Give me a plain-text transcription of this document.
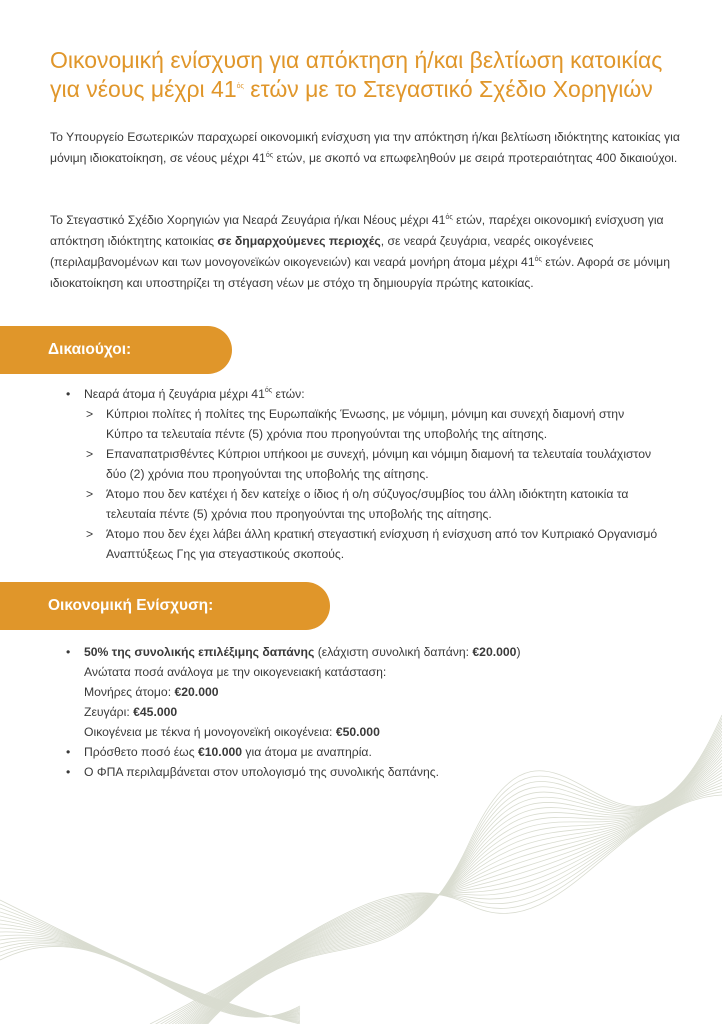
Οικονομική ενίσχυση για απόκτηση ή/και βελτίωση κατοικίας
για νέους μέχρι $41^{ό\varsigma}$ ετών με το Στεγαστικό Σχέδιο Χορηγιών

Το Υπουργείο Εσωτερικών παραχωρεί οικονομική ενίσχυση για την απόκτηση ή/και βελτίωση ιδιόκτητης κατοικίας για μόνιμη ιδιοκατοίκηση, σε νέους μέχρι $41^{ό\varsigma}$ ετών, με σκοπό να επωφεληθούν με σειρά προτεραιότητας 400 δικαιούχοι.

Το Στεγαστικό Σχέδιο Χορηγιών για Νεαρά Ζευγάρια ή/και Νέους μέχρι $41^{ό\varsigma}$ ετών, παρέχει οικονομική ενίσχυση για απόκτηση ιδιόκτητης κατοικίας σε δημαρχούμενες περιοχές, σε νεαρά ζευγάρια, νεαρές οικογένειες (περιλαμβανομένων και των μονογονεϊκών οικογενειών) και νεαρά μονήρη άτομα μέχρι $41^{ό\varsigma}$ ετών. Αφορά σε μόνιμη ιδιοκατοίκηση και υποστηρίζει τη στέγαση νέων με στόχο τη δημιουργία πρώτης κατοικίας.

Δικαιούχοι:
• Νεαρά άτομα ή ζευγάρια μέχρι $41^{ό\varsigma}$ ετών:
> Κύπριοι πολίτες ή πολίτες της Ευρωπαϊκής Ένωσης, με νόμιμη, μόνιμη και συνεχή διαμονή στην Κύπρο τα τελευταία πέντε (5) χρόνια που προηγούνται της υποβολής της αίτησης.
> Επαναπατρισθέντες Κύπριοι υπήκοοι με συνεχή, μόνιμη και νόμιμη διαμονή τα τελευταία τουλάχιστον δύο (2) χρόνια που προηγούνται της υποβολής της αίτησης.
> Άτομο που δεν κατέχει ή δεν κατείχε ο ίδιος ή ο/η σύζυγος/συμβίος του άλλη ιδιόκτητη κατοικία τα τελευταία πέντε (5) χρόνια που προηγούνται της υποβολής της αίτησης.
> Άτομο που δεν έχει λάβει άλλη κρατική στεγαστική ενίσχυση ή ενίσχυση από τον Κυπριακό Οργανισμό Αναπτύξεως Γης για στεγαστικούς σκοπούς.
Οικονομική Ενίσχυση:
• 50% της συνολικής επιλέξιμης δαπάνης (ελάχιστη συνολική δαπάνη: €20.000)
Ανώτατα ποσά ανάλογα με την οικογενειακή κατάσταση:
Μονήρες άτομο: €20.000
Ζευγάρι: €45.000
Οικογένεια με τέκνα ή μονογονεϊκή οικογένεια: €50.000
• Πρόσθετο ποσό έως €10.000 για άτομα με αναπηρία.
• Ο ΦΠΑ περιλαμβάνεται στον υπολογισμό της συνολικής δαπάνης.
